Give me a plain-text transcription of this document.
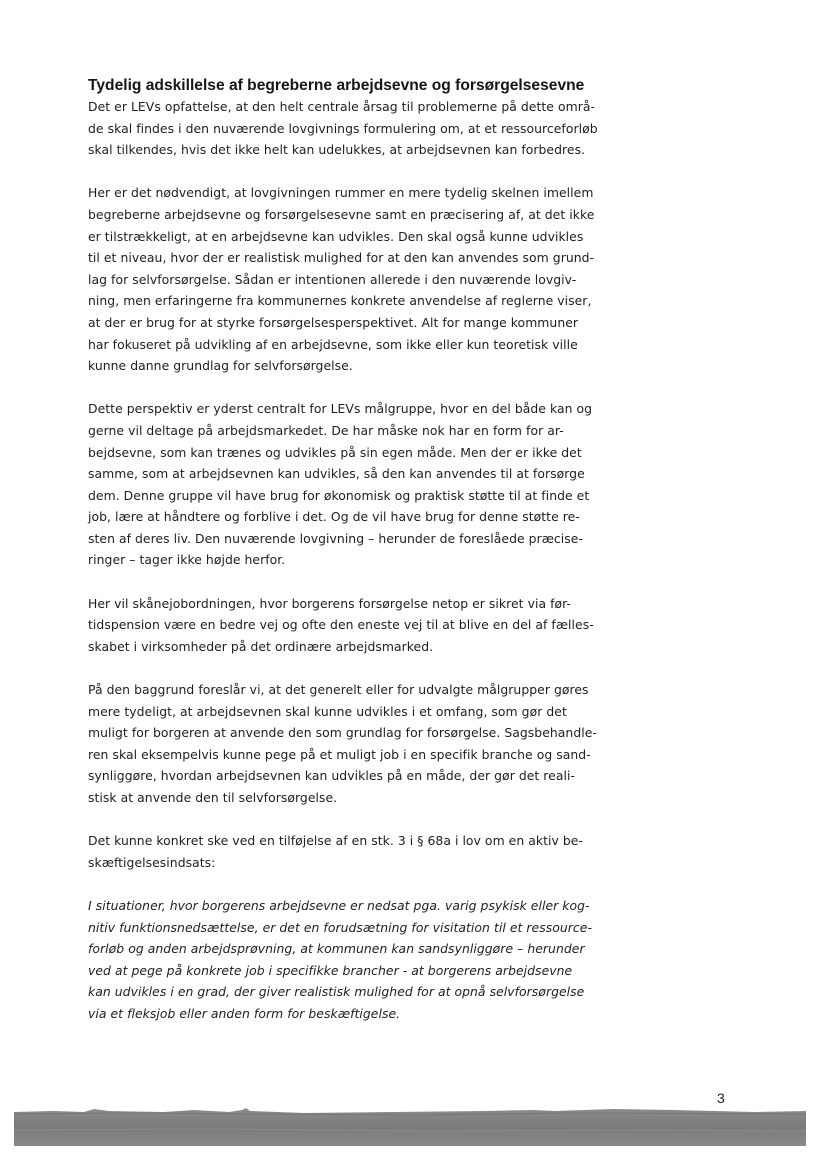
Tydelig adskillelse af begreberne arbejdsevne og forsørgelsesevne
Det er LEVs opfattelse, at den helt centrale årsag til problemerne på dette områ-
de skal findes i den nuværende lovgivnings formulering om, at et ressourceforløb
skal tilkendes, hvis det ikke helt kan udelukkes, at arbejdsevnen kan forbedres.
Her er det nødvendigt, at lovgivningen rummer en mere tydelig skelnen imellem
begreberne arbejdsevne og forsørgelsesevne samt en præcisering af, at det ikke
er tilstrækkeligt, at en arbejdsevne kan udvikles. Den skal også kunne udvikles
til et niveau, hvor der er realistisk mulighed for at den kan anvendes som grund-
lag for selvforsørgelse. Sådan er intentionen allerede i den nuværende lovgiv-
ning, men erfaringerne fra kommunernes konkrete anvendelse af reglerne viser,
at der er brug for at styrke forsørgelsesperspektivet. Alt for mange kommuner
har fokuseret på udvikling af en arbejdsevne, som ikke eller kun teoretisk ville
kunne danne grundlag for selvforsørgelse.
Dette perspektiv er yderst centralt for LEVs målgruppe, hvor en del både kan og
gerne vil deltage på arbejdsmarkedet. De har måske nok har en form for ar-
bejdsevne, som kan trænes og udvikles på sin egen måde. Men der er ikke det
samme, som at arbejdsevnen kan udvikles, så den kan anvendes til at forsørge
dem. Denne gruppe vil have brug for økonomisk og praktisk støtte til at finde et
job, lære at håndtere og forblive i det. Og de vil have brug for denne støtte re-
sten af deres liv. Den nuværende lovgivning – herunder de foreslåede præcise-
ringer – tager ikke højde herfor.
Her vil skånejobordningen, hvor borgerens forsørgelse netop er sikret via før-
tidspension være en bedre vej og ofte den eneste vej til at blive en del af fælles-
skabet i virksomheder på det ordinære arbejdsmarked.
På den baggrund foreslår vi, at det generelt eller for udvalgte målgrupper gøres
mere tydeligt, at arbejdsevnen skal kunne udvikles i et omfang, som gør det
muligt for borgeren at anvende den som grundlag for forsørgelse. Sagsbehandle-
ren skal eksempelvis kunne pege på et muligt job i en specifik branche og sand-
synliggøre, hvordan arbejdsevnen kan udvikles på en måde, der gør det reali-
stisk at anvende den til selvforsørgelse.
Det kunne konkret ske ved en tilføjelse af en stk. 3 i § 68a i lov om en aktiv be-
skæftigelsesindsats:
I situationer, hvor borgerens arbejdsevne er nedsat pga. varig psykisk eller kog-
nitiv funktionsnedsættelse, er det en forudsætning for visitation til et ressource-
forløb og anden arbejdsprøvning, at kommunen kan sandsynliggøre – herunder
ved at pege på konkrete job i specifikke brancher - at borgerens arbejdsevne
kan udvikles i en grad, der giver realistisk mulighed for at opnå selvforsørgelse
via et fleksjob eller anden form for beskæftigelse.
3
